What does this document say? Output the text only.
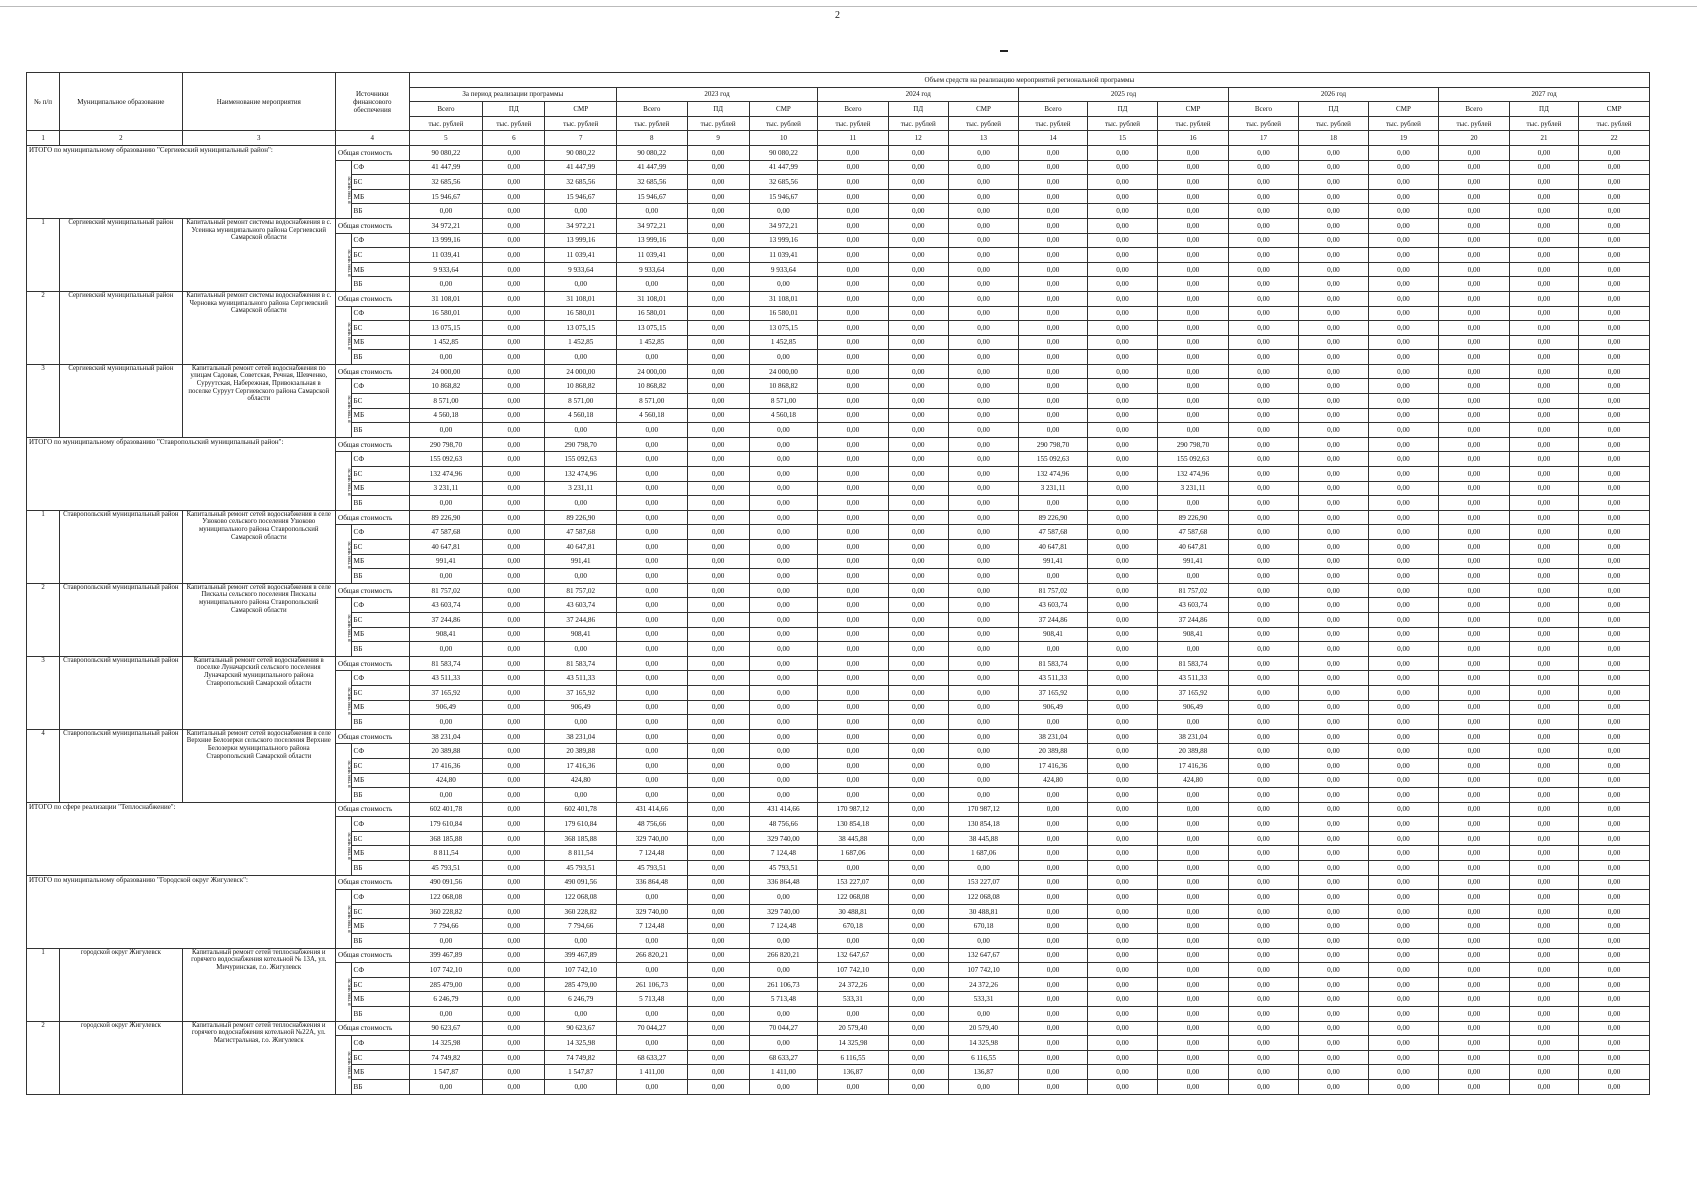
2
№ п/п	Муниципальное образование	Наименование мероприятия	Источники финансового обеспечения		Объем средств на реализацию мероприятий региональной программы																	
					За период реализации программы			2023 год			2024 год			2025 год			2026 год			2027 год		
					Всего	ПД	СМР	Всего	ПД	СМР	Всего	ПД	СМР	Всего	ПД	СМР	Всего	ПД	СМР	Всего	ПД	СМР
					тыс. рублей	тыс. рублей	тыс. рублей	тыс. рублей	тыс. рублей	тыс. рублей	тыс. рублей	тыс. рублей	тыс. рублей	тыс. рублей	тыс. рублей	тыс. рублей	тыс. рублей	тыс. рублей	тыс. рублей	тыс. рублей	тыс. рублей	тыс. рублей
1	2	3	4		5	6	7	8	9	10	11	12	13	14	15	16	17	18	19	20	21	22
ИТОГО по муниципальному образованию "Сергиевский муниципальный район":			Общая стоимость		90 080,22	0,00	90 080,22	90 080,22	0,00	90 080,22	0,00	0,00	0,00	0,00	0,00	0,00	0,00	0,00	0,00	0,00	0,00	0,00
			в том числе	СФ	41 447,99	0,00	41 447,99	41 447,99	0,00	41 447,99	0,00	0,00	0,00	0,00	0,00	0,00	0,00	0,00	0,00	0,00	0,00	0,00
				БС	32 685,56	0,00	32 685,56	32 685,56	0,00	32 685,56	0,00	0,00	0,00	0,00	0,00	0,00	0,00	0,00	0,00	0,00	0,00	0,00
				МБ	15 946,67	0,00	15 946,67	15 946,67	0,00	15 946,67	0,00	0,00	0,00	0,00	0,00	0,00	0,00	0,00	0,00	0,00	0,00	0,00
				ВБ	0,00	0,00	0,00	0,00	0,00	0,00	0,00	0,00	0,00	0,00	0,00	0,00	0,00	0,00	0,00	0,00	0,00	0,00
1	Сергиевский муниципальный район	Капитальный ремонт системы водоснабжения в с. Усеинка муниципального района Сергиевский Самарской области	Общая стоимость		34 972,21	0,00	34 972,21	34 972,21	0,00	34 972,21	0,00	0,00	0,00	0,00	0,00	0,00	0,00	0,00	0,00	0,00	0,00	0,00
			в том числе	СФ	13 999,16	0,00	13 999,16	13 999,16	0,00	13 999,16	0,00	0,00	0,00	0,00	0,00	0,00	0,00	0,00	0,00	0,00	0,00	0,00
				БС	11 039,41	0,00	11 039,41	11 039,41	0,00	11 039,41	0,00	0,00	0,00	0,00	0,00	0,00	0,00	0,00	0,00	0,00	0,00	0,00
				МБ	9 933,64	0,00	9 933,64	9 933,64	0,00	9 933,64	0,00	0,00	0,00	0,00	0,00	0,00	0,00	0,00	0,00	0,00	0,00	0,00
				ВБ	0,00	0,00	0,00	0,00	0,00	0,00	0,00	0,00	0,00	0,00	0,00	0,00	0,00	0,00	0,00	0,00	0,00	0,00
2	Сергиевский муниципальный район	Капитальный ремонт системы водоснабжения в с. Черновка муниципального района Сергиевский Самарской области	Общая стоимость		31 108,01	0,00	31 108,01	31 108,01	0,00	31 108,01	0,00	0,00	0,00	0,00	0,00	0,00	0,00	0,00	0,00	0,00	0,00	0,00
			в том числе	СФ	16 580,01	0,00	16 580,01	16 580,01	0,00	16 580,01	0,00	0,00	0,00	0,00	0,00	0,00	0,00	0,00	0,00	0,00	0,00	0,00
				БС	13 075,15	0,00	13 075,15	13 075,15	0,00	13 075,15	0,00	0,00	0,00	0,00	0,00	0,00	0,00	0,00	0,00	0,00	0,00	0,00
				МБ	1 452,85	0,00	1 452,85	1 452,85	0,00	1 452,85	0,00	0,00	0,00	0,00	0,00	0,00	0,00	0,00	0,00	0,00	0,00	0,00
				ВБ	0,00	0,00	0,00	0,00	0,00	0,00	0,00	0,00	0,00	0,00	0,00	0,00	0,00	0,00	0,00	0,00	0,00	0,00
3	Сергиевский муниципальный район	Капитальный ремонт сетей водоснабжения по улицам Садовая, Советская, Речная, Шевченко, Суруутская, Набережная, Привокзальная в поселке Суруут Сергиевского района Самарской области	Общая стоимость		24 000,00	0,00	24 000,00	24 000,00	0,00	24 000,00	0,00	0,00	0,00	0,00	0,00	0,00	0,00	0,00	0,00	0,00	0,00	0,00
			в том числе	СФ	10 868,82	0,00	10 868,82	10 868,82	0,00	10 868,82	0,00	0,00	0,00	0,00	0,00	0,00	0,00	0,00	0,00	0,00	0,00	0,00
				БС	8 571,00	0,00	8 571,00	8 571,00	0,00	8 571,00	0,00	0,00	0,00	0,00	0,00	0,00	0,00	0,00	0,00	0,00	0,00	0,00
				МБ	4 560,18	0,00	4 560,18	4 560,18	0,00	4 560,18	0,00	0,00	0,00	0,00	0,00	0,00	0,00	0,00	0,00	0,00	0,00	0,00
				ВБ	0,00	0,00	0,00	0,00	0,00	0,00	0,00	0,00	0,00	0,00	0,00	0,00	0,00	0,00	0,00	0,00	0,00	0,00
ИТОГО по муниципальному образованию "Ставропольский муниципальный район":			Общая стоимость		290 798,70	0,00	290 798,70	0,00	0,00	0,00	0,00	0,00	0,00	290 798,70	0,00	290 798,70	0,00	0,00	0,00	0,00	0,00	0,00
			в том числе	СФ	155 092,63	0,00	155 092,63	0,00	0,00	0,00	0,00	0,00	0,00	155 092,63	0,00	155 092,63	0,00	0,00	0,00	0,00	0,00	0,00
				БС	132 474,96	0,00	132 474,96	0,00	0,00	0,00	0,00	0,00	0,00	132 474,96	0,00	132 474,96	0,00	0,00	0,00	0,00	0,00	0,00
				МБ	3 231,11	0,00	3 231,11	0,00	0,00	0,00	0,00	0,00	0,00	3 231,11	0,00	3 231,11	0,00	0,00	0,00	0,00	0,00	0,00
				ВБ	0,00	0,00	0,00	0,00	0,00	0,00	0,00	0,00	0,00	0,00	0,00	0,00	0,00	0,00	0,00	0,00	0,00	0,00
1	Ставропольский муниципальный район	Капитальный ремонт сетей водоснабжения в селе Узюково сельского поселения Узюково муниципального района Ставропольский Самарской области	Общая стоимость		89 226,90	0,00	89 226,90	0,00	0,00	0,00	0,00	0,00	0,00	89 226,90	0,00	89 226,90	0,00	0,00	0,00	0,00	0,00	0,00
			в том числе	СФ	47 587,68	0,00	47 587,68	0,00	0,00	0,00	0,00	0,00	0,00	47 587,68	0,00	47 587,68	0,00	0,00	0,00	0,00	0,00	0,00
				БС	40 647,81	0,00	40 647,81	0,00	0,00	0,00	0,00	0,00	0,00	40 647,81	0,00	40 647,81	0,00	0,00	0,00	0,00	0,00	0,00
				МБ	991,41	0,00	991,41	0,00	0,00	0,00	0,00	0,00	0,00	991,41	0,00	991,41	0,00	0,00	0,00	0,00	0,00	0,00
				ВБ	0,00	0,00	0,00	0,00	0,00	0,00	0,00	0,00	0,00	0,00	0,00	0,00	0,00	0,00	0,00	0,00	0,00	0,00
2	Ставропольский муниципальный район	Капитальный ремонт сетей водоснабжения в селе Пискалы сельского поселения Пискалы муниципального района Ставропольский Самарской области	Общая стоимость		81 757,02	0,00	81 757,02	0,00	0,00	0,00	0,00	0,00	0,00	81 757,02	0,00	81 757,02	0,00	0,00	0,00	0,00	0,00	0,00
			в том числе	СФ	43 603,74	0,00	43 603,74	0,00	0,00	0,00	0,00	0,00	0,00	43 603,74	0,00	43 603,74	0,00	0,00	0,00	0,00	0,00	0,00
				БС	37 244,86	0,00	37 244,86	0,00	0,00	0,00	0,00	0,00	0,00	37 244,86	0,00	37 244,86	0,00	0,00	0,00	0,00	0,00	0,00
				МБ	908,41	0,00	908,41	0,00	0,00	0,00	0,00	0,00	0,00	908,41	0,00	908,41	0,00	0,00	0,00	0,00	0,00	0,00
				ВБ	0,00	0,00	0,00	0,00	0,00	0,00	0,00	0,00	0,00	0,00	0,00	0,00	0,00	0,00	0,00	0,00	0,00	0,00
3	Ставропольский муниципальный район	Капитальный ремонт сетей водоснабжения в поселке Луначарский сельского поселения Луначарский муниципального района Ставропольский Самарской области	Общая стоимость		81 583,74	0,00	81 583,74	0,00	0,00	0,00	0,00	0,00	0,00	81 583,74	0,00	81 583,74	0,00	0,00	0,00	0,00	0,00	0,00
			в том числе	СФ	43 511,33	0,00	43 511,33	0,00	0,00	0,00	0,00	0,00	0,00	43 511,33	0,00	43 511,33	0,00	0,00	0,00	0,00	0,00	0,00
				БС	37 165,92	0,00	37 165,92	0,00	0,00	0,00	0,00	0,00	0,00	37 165,92	0,00	37 165,92	0,00	0,00	0,00	0,00	0,00	0,00
				МБ	906,49	0,00	906,49	0,00	0,00	0,00	0,00	0,00	0,00	906,49	0,00	906,49	0,00	0,00	0,00	0,00	0,00	0,00
				ВБ	0,00	0,00	0,00	0,00	0,00	0,00	0,00	0,00	0,00	0,00	0,00	0,00	0,00	0,00	0,00	0,00	0,00	0,00
4	Ставропольский муниципальный район	Капитальный ремонт сетей водоснабжения в селе Верхние Белозерки сельского поселения Верхние Белозерки муниципального района Ставропольский Самарской области	Общая стоимость		38 231,04	0,00	38 231,04	0,00	0,00	0,00	0,00	0,00	0,00	38 231,04	0,00	38 231,04	0,00	0,00	0,00	0,00	0,00	0,00
			в том числе	СФ	20 389,88	0,00	20 389,88	0,00	0,00	0,00	0,00	0,00	0,00	20 389,88	0,00	20 389,88	0,00	0,00	0,00	0,00	0,00	0,00
				БС	17 416,36	0,00	17 416,36	0,00	0,00	0,00	0,00	0,00	0,00	17 416,36	0,00	17 416,36	0,00	0,00	0,00	0,00	0,00	0,00
				МБ	424,80	0,00	424,80	0,00	0,00	0,00	0,00	0,00	0,00	424,80	0,00	424,80	0,00	0,00	0,00	0,00	0,00	0,00
				ВБ	0,00	0,00	0,00	0,00	0,00	0,00	0,00	0,00	0,00	0,00	0,00	0,00	0,00	0,00	0,00	0,00	0,00	0,00
ИТОГО по сфере реализации "Теплоснабжение":			Общая стоимость		602 401,78	0,00	602 401,78	431 414,66	0,00	431 414,66	170 987,12	0,00	170 987,12	0,00	0,00	0,00	0,00	0,00	0,00	0,00	0,00	0,00
			в том числе	СФ	179 610,84	0,00	179 610,84	48 756,66	0,00	48 756,66	130 854,18	0,00	130 854,18	0,00	0,00	0,00	0,00	0,00	0,00	0,00	0,00	0,00
				БС	368 185,88	0,00	368 185,88	329 740,00	0,00	329 740,00	38 445,88	0,00	38 445,88	0,00	0,00	0,00	0,00	0,00	0,00	0,00	0,00	0,00
				МБ	8 811,54	0,00	8 811,54	7 124,48	0,00	7 124,48	1 687,06	0,00	1 687,06	0,00	0,00	0,00	0,00	0,00	0,00	0,00	0,00	0,00
				ВБ	45 793,51	0,00	45 793,51	45 793,51	0,00	45 793,51	0,00	0,00	0,00	0,00	0,00	0,00	0,00	0,00	0,00	0,00	0,00	0,00
ИТОГО по муниципальному образованию "Городской округ Жигулевск":			Общая стоимость		490 091,56	0,00	490 091,56	336 864,48	0,00	336 864,48	153 227,07	0,00	153 227,07	0,00	0,00	0,00	0,00	0,00	0,00	0,00	0,00	0,00
			в том числе	СФ	122 068,08	0,00	122 068,08	0,00	0,00	0,00	122 068,08	0,00	122 068,08	0,00	0,00	0,00	0,00	0,00	0,00	0,00	0,00	0,00
				БС	360 228,82	0,00	360 228,82	329 740,00	0,00	329 740,00	30 488,81	0,00	30 488,81	0,00	0,00	0,00	0,00	0,00	0,00	0,00	0,00	0,00
				МБ	7 794,66	0,00	7 794,66	7 124,48	0,00	7 124,48	670,18	0,00	670,18	0,00	0,00	0,00	0,00	0,00	0,00	0,00	0,00	0,00
				ВБ	0,00	0,00	0,00	0,00	0,00	0,00	0,00	0,00	0,00	0,00	0,00	0,00	0,00	0,00	0,00	0,00	0,00	0,00
1	городской округ Жигулевск	Капитальный ремонт сетей теплоснабжения и горячего водоснабжения котельной № 13А, ул. Мичуринская, г.о. Жигулевск	Общая стоимость		399 467,89	0,00	399 467,89	266 820,21	0,00	266 820,21	132 647,67	0,00	132 647,67	0,00	0,00	0,00	0,00	0,00	0,00	0,00	0,00	0,00
			в том числе	СФ	107 742,10	0,00	107 742,10	0,00	0,00	0,00	107 742,10	0,00	107 742,10	0,00	0,00	0,00	0,00	0,00	0,00	0,00	0,00	0,00
				БС	285 479,00	0,00	285 479,00	261 106,73	0,00	261 106,73	24 372,26	0,00	24 372,26	0,00	0,00	0,00	0,00	0,00	0,00	0,00	0,00	0,00
				МБ	6 246,79	0,00	6 246,79	5 713,48	0,00	5 713,48	533,31	0,00	533,31	0,00	0,00	0,00	0,00	0,00	0,00	0,00	0,00	0,00
				ВБ	0,00	0,00	0,00	0,00	0,00	0,00	0,00	0,00	0,00	0,00	0,00	0,00	0,00	0,00	0,00	0,00	0,00	0,00
2	городской округ Жигулевск	Капитальный ремонт сетей теплоснабжения и горячего водоснабжения котельной №22А, ул. Магистральная, г.о. Жигулевск	Общая стоимость		90 623,67	0,00	90 623,67	70 044,27	0,00	70 044,27	20 579,40	0,00	20 579,40	0,00	0,00	0,00	0,00	0,00	0,00	0,00	0,00	0,00
			в том числе	СФ	14 325,98	0,00	14 325,98	0,00	0,00	0,00	14 325,98	0,00	14 325,98	0,00	0,00	0,00	0,00	0,00	0,00	0,00	0,00	0,00
				БС	74 749,82	0,00	74 749,82	68 633,27	0,00	68 633,27	6 116,55	0,00	6 116,55	0,00	0,00	0,00	0,00	0,00	0,00	0,00	0,00	0,00
				МБ	1 547,87	0,00	1 547,87	1 411,00	0,00	1 411,00	136,87	0,00	136,87	0,00	0,00	0,00	0,00	0,00	0,00	0,00	0,00	0,00
				ВБ	0,00	0,00	0,00	0,00	0,00	0,00	0,00	0,00	0,00	0,00	0,00	0,00	0,00	0,00	0,00	0,00	0,00	0,00
